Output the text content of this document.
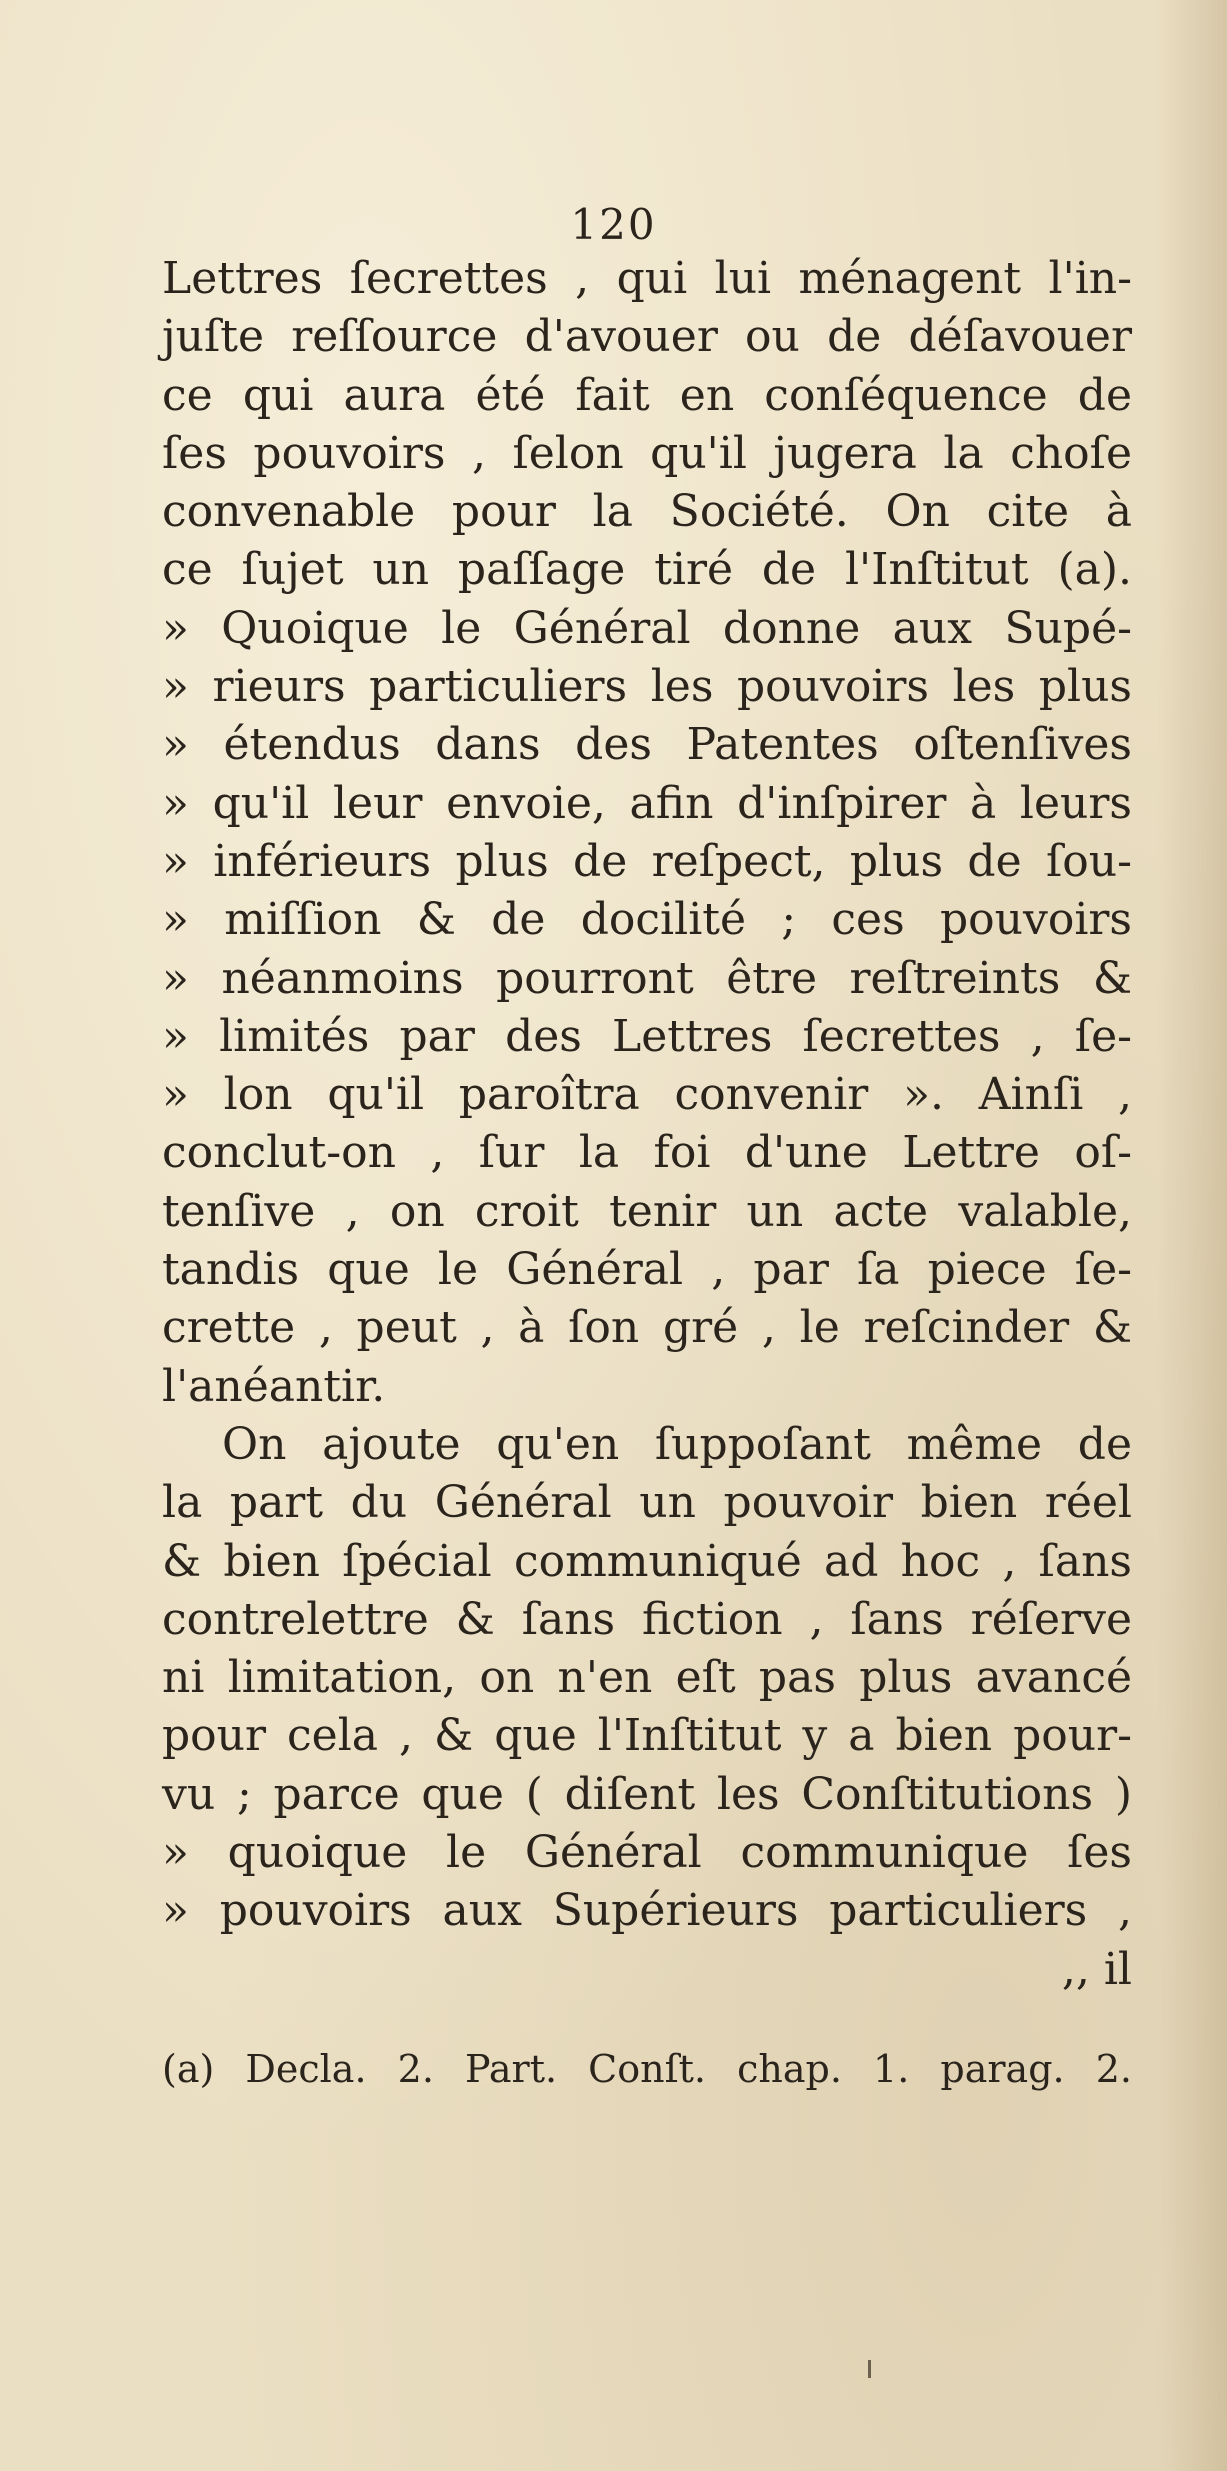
120
Lettres ſecrettes , qui lui ménagent l'in-
juſte reſſource d'avouer ou de déſavouer
ce qui aura été fait en conſéquence de
ſes pouvoirs , ſelon qu'il jugera la choſe
convenable pour la Société. On cite à
ce ſujet un paſſage tiré de l'Inſtitut (a).
» Quoique le Général donne aux Supé-
» rieurs particuliers les pouvoirs les plus
» étendus dans des Patentes oſtenſives
» qu'il leur envoie, afin d'inſpirer à leurs
» inférieurs plus de reſpect, plus de ſou-
» miſſion & de docilité ; ces pouvoirs
» néanmoins pourront être reſtreints &
» limités par des Lettres ſecrettes , ſe-
» lon qu'il paroîtra convenir ». Ainſi ,
conclut-on , ſur la foi d'une Lettre oſ-
tenſive , on croit tenir un acte valable,
tandis que le Général , par ſa piece ſe-
crette , peut , à ſon gré , le reſcinder &
l'anéantir.
On ajoute qu'en ſuppoſant même de
la part du Général un pouvoir bien réel
& bien ſpécial communiqué ad hoc , ſans
contrelettre & ſans fiction , ſans réſerve
ni limitation, on n'en eſt pas plus avancé
pour cela , & que l'Inſtitut y a bien pour-
vu ; parce que ( diſent les Conſtitutions )
» quoique le Général communique ſes
» pouvoirs aux Supérieurs particuliers ,
,, il
(a) Decla. 2. Part. Conſt. chap. 1. parag. 2.
